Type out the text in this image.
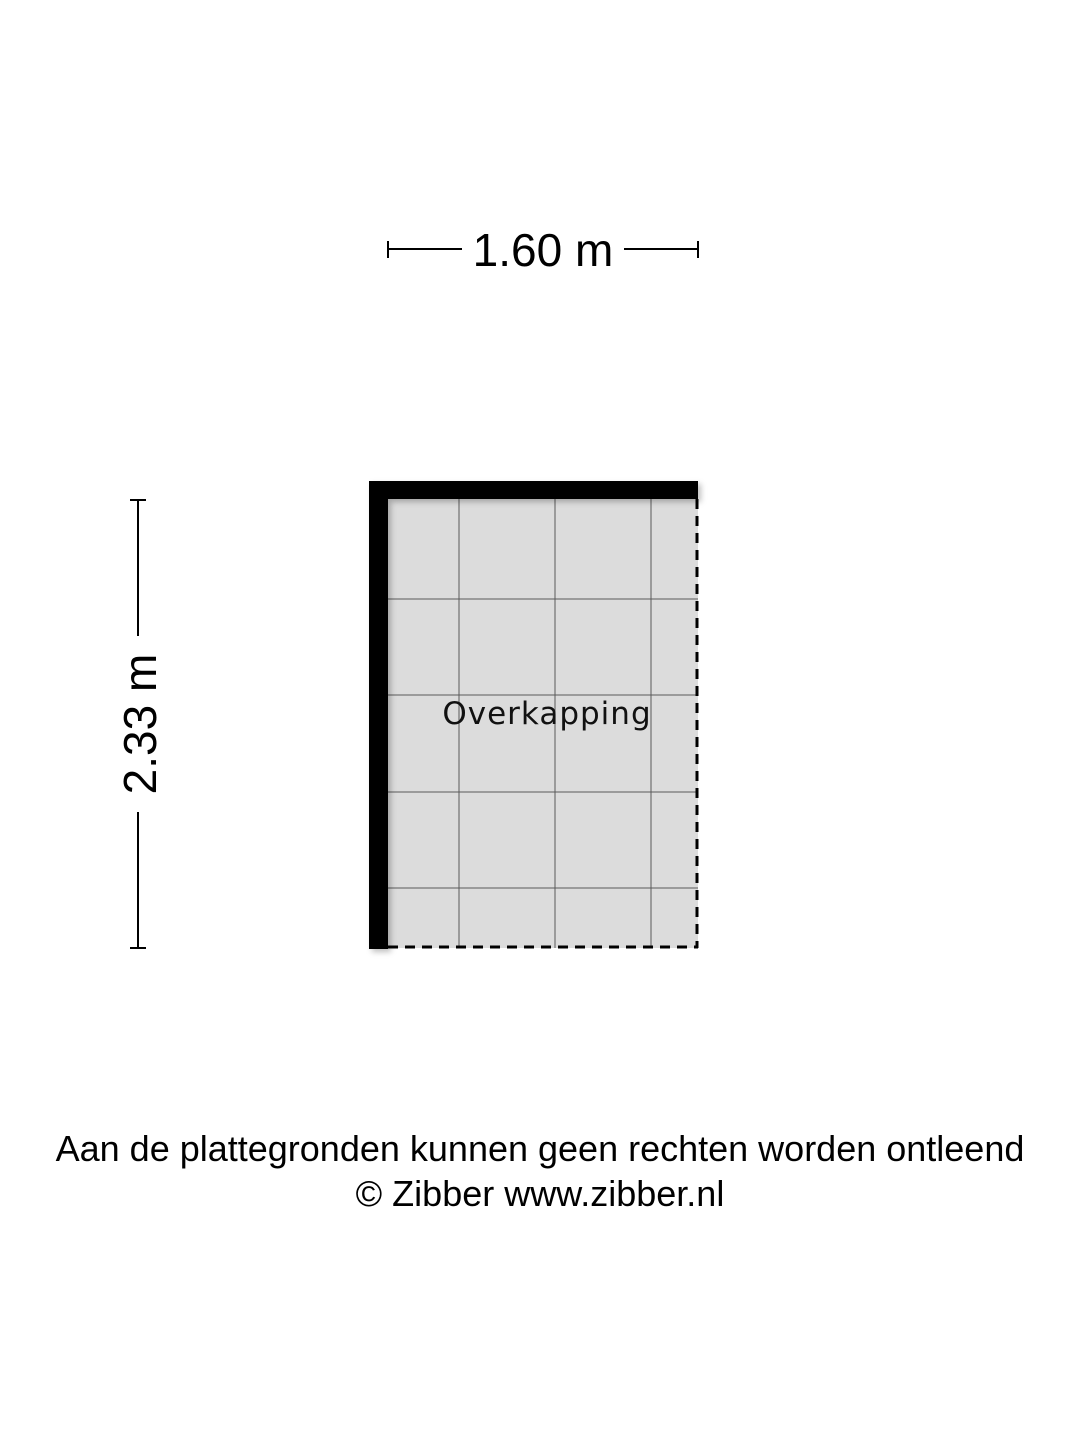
1.60 m
2.33 m	Overkapping
Aan de plattegronden kunnen geen rechten worden ontleend
© Zibber www.zibber.nl
